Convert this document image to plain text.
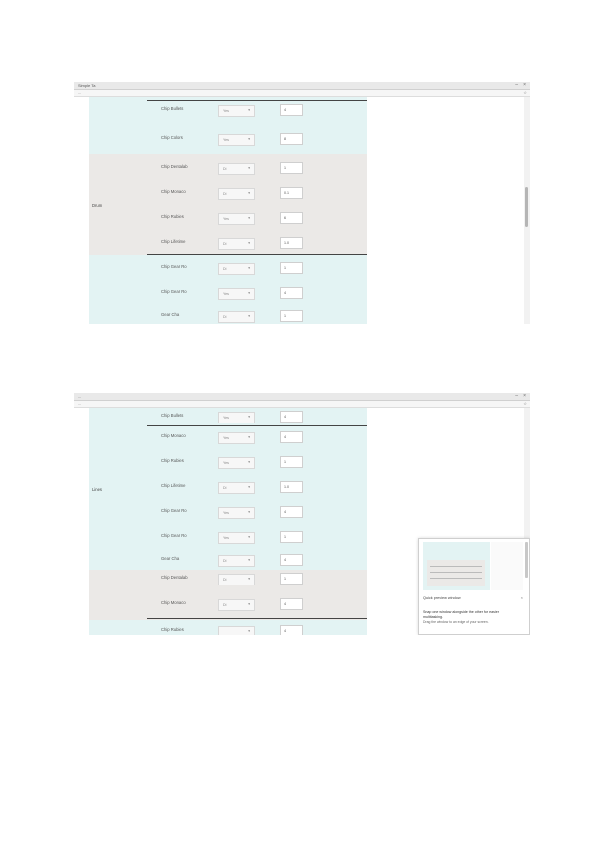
Simple Ta	– ×
...	☆
Drum
Chip Bullets	Yes	▾	4
Chip Colors	Yes	▾	8
Chip Dentalab	Di	▾	1
Chip Monaco	Di	▾	0.1
Chip Rubies	Yes	▾	6
Chip Lifetime	Di	▾	1.0
Chip Gear Ro	Di	▾	1
Chip Gear Ro	Yes	▾	4
Gear Cha	Di	▾	1
...	– ×
...	☆
Lines
Chip Bullets	Yes	▾	4
Chip Monaco	Yes	▾	4
Chip Rubies	Yes	▾	1
Chip Lifetime	Di	▾	1.0
Chip Gear Ro	Yes	▾	4
Chip Gear Ro	Yes	▾	1
Gear Cha	Di	▾	4
Chip Dentalab	Di	▾	1
Chip Monaco	Di	▾	4
Chip Rubies	▾	4
Quick preview window	×
Snap one window alongside the other for easier multitasking.
Drag the window to an edge of your screen.
